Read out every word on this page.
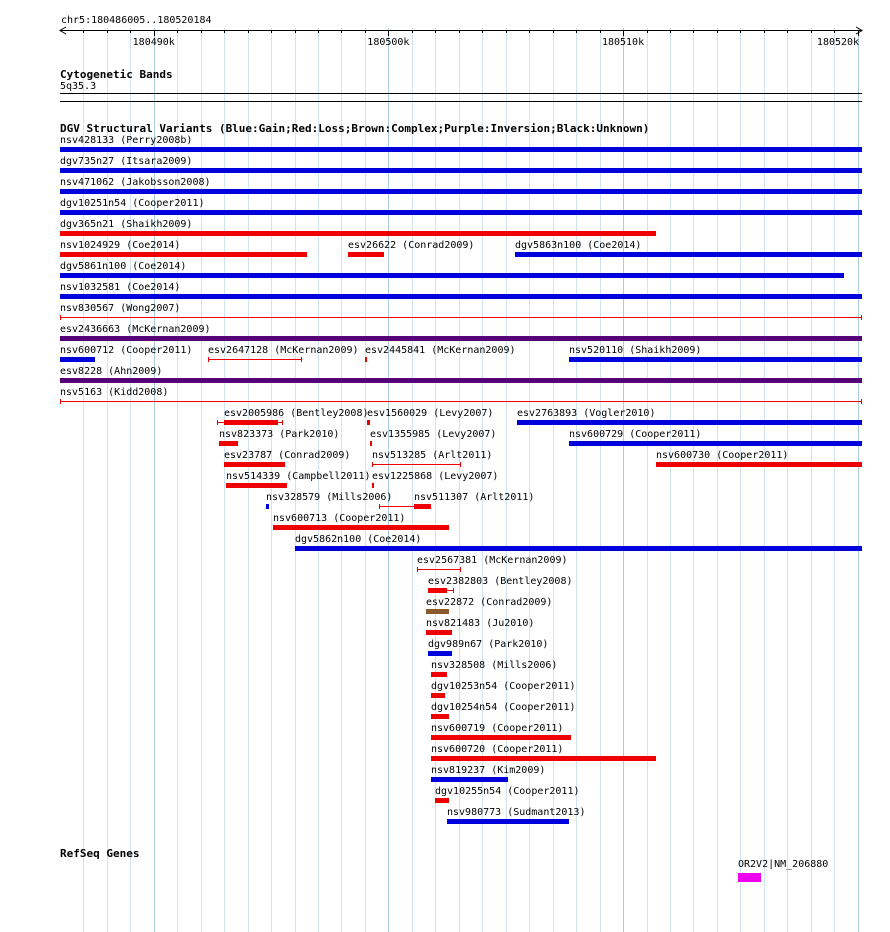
180490k	180500k	180510k	180520k
chr5:180486005..180520184
Cytogenetic Bands
5q35.3
DGV Structural Variants (Blue:Gain;Red:Loss;Brown:Complex;Purple:Inversion;Black:Unknown)
nsv428133 (Perry2008b)
dgv735n27 (Itsara2009)
nsv471062 (Jakobsson2008)
dgv10251n54 (Cooper2011)
dgv365n21 (Shaikh2009)
nsv1024929 (Coe2014)	esv26622 (Conrad2009)	dgv5863n100 (Coe2014)
dgv5861n100 (Coe2014)
nsv1032581 (Coe2014)
nsv830567 (Wong2007)
esv2436663 (McKernan2009)
nsv600712 (Cooper2011) esv2647128 (McKernan2009) esv2445841 (McKernan2009)	nsv520110 (Shaikh2009)
esv8228 (Ahn2009)
nsv5163 (Kidd2008)
esv2005986 (Bentley2008)
esv1560029 (Levy2007) esv2763893 (Vogler2010)
nsv823373 (Park2010)	esv1355985 (Levy2007)	nsv600729 (Cooper2011)
esv23787 (Conrad2009) nsv513285 (Arlt2011)	nsv600730 (Cooper2011)
nsv514339 (Campbell2011) esv1225868 (Levy2007)
nsv328579 (Mills2006) nsv511307 (Arlt2011)
nsv600713 (Cooper2011)
dgv5862n100 (Coe2014)
esv2567381 (McKernan2009)
esv2382803 (Bentley2008)
esv22872 (Conrad2009)
nsv821483 (Ju2010)
dgv989n67 (Park2010)
nsv328508 (Mills2006)
dgv10253n54 (Cooper2011)
dgv10254n54 (Cooper2011)
nsv600719 (Cooper2011)
nsv600720 (Cooper2011)
nsv819237 (Kim2009)
dgv10255n54 (Cooper2011)
nsv980773 (Sudmant2013)
RefSeq Genes
OR2V2|NM_206880
